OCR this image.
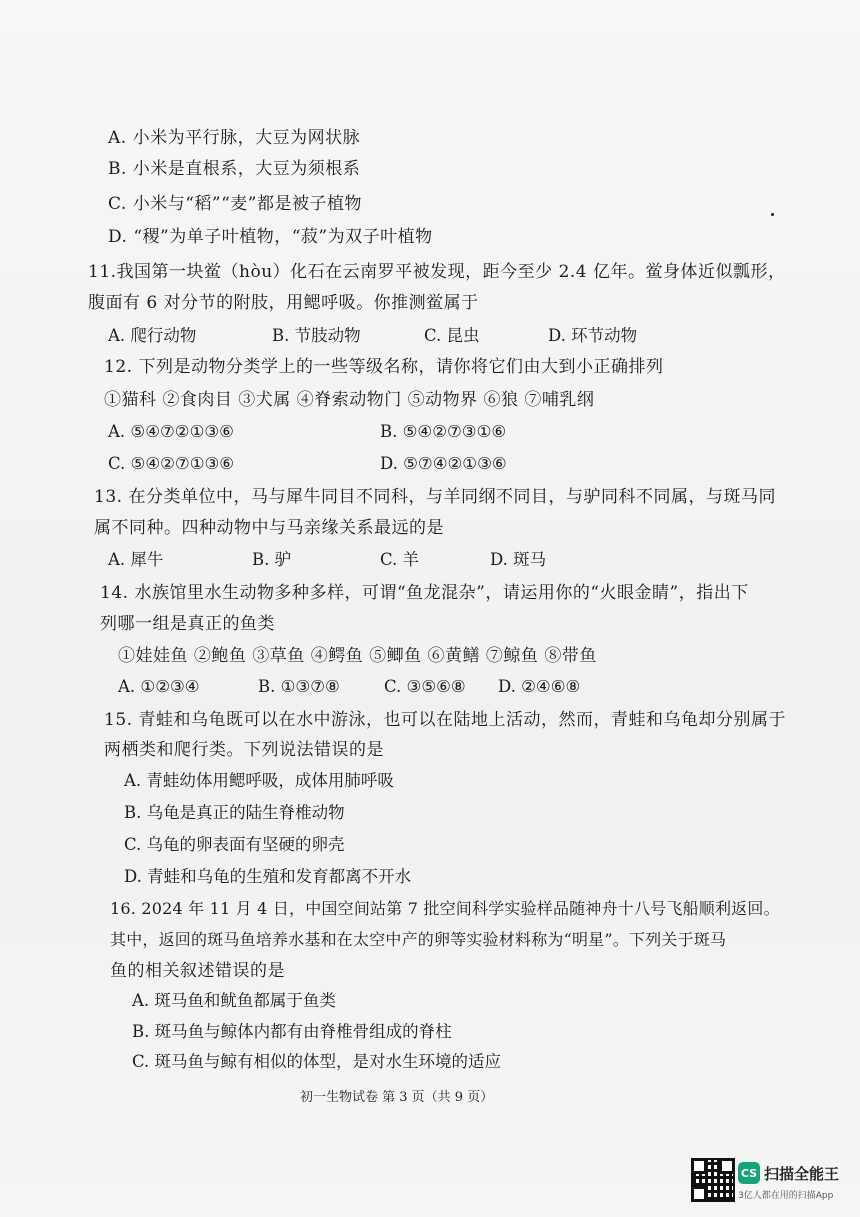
A. 小米为平行脉，大豆为网状脉
B. 小米是直根系，大豆为须根系
C. 小米与“稻”“麦”都是被子植物
D. “稷”为单子叶植物，“菽”为双子叶植物
11.我国第一块鲎（hòu）化石在云南罗平被发现，距今至少 2.4 亿年。鲎身体近似瓢形，
腹面有 6 对分节的附肢，用鳃呼吸。你推测鲎属于
A. 爬行动物	B. 节肢动物	C. 昆虫	D. 环节动物
12. 下列是动物分类学上的一些等级名称，请你将它们由大到小正确排列
①猫科 ②食肉目 ③犬属 ④脊索动物门 ⑤动物界 ⑥狼 ⑦哺乳纲
A. ⑤④⑦②①③⑥	B. ⑤④②⑦③①⑥
C. ⑤④②⑦①③⑥	D. ⑤⑦④②①③⑥
13. 在分类单位中，马与犀牛同目不同科，与羊同纲不同目，与驴同科不同属，与斑马同
属不同种。四种动物中与马亲缘关系最远的是
A. 犀牛	B. 驴	C. 羊	D. 斑马
14. 水族馆里水生动物多种多样，可谓“鱼龙混杂”，请运用你的“火眼金睛”，指出下
列哪一组是真正的鱼类
①娃娃鱼 ②鲍鱼 ③草鱼 ④鳄鱼 ⑤鲫鱼 ⑥黄鳝 ⑦鲸鱼 ⑧带鱼
A. ①②③④	B. ①③⑦⑧	C. ③⑤⑥⑧ D. ②④⑥⑧
15. 青蛙和乌龟既可以在水中游泳，也可以在陆地上活动，然而，青蛙和乌龟却分别属于
两栖类和爬行类。下列说法错误的是
A. 青蛙幼体用鳃呼吸，成体用肺呼吸
B. 乌龟是真正的陆生脊椎动物
C. 乌龟的卵表面有坚硬的卵壳
D. 青蛙和乌龟的生殖和发育都离不开水
16. 2024 年 11 月 4 日，中国空间站第 7 批空间科学实验样品随神舟十八号飞船顺利返回。
其中，返回的斑马鱼培养水基和在太空中产的卵等实验材料称为“明星”。下列关于斑马
鱼的相关叙述错误的是
A. 斑马鱼和鱿鱼都属于鱼类
B. 斑马鱼与鲸体内都有由脊椎骨组成的脊柱
C. 斑马鱼与鲸有相似的体型，是对水生环境的适应
初一生物试卷 第 3 页（共 9 页）
CS 扫描全能王
3亿人都在用的扫描App
